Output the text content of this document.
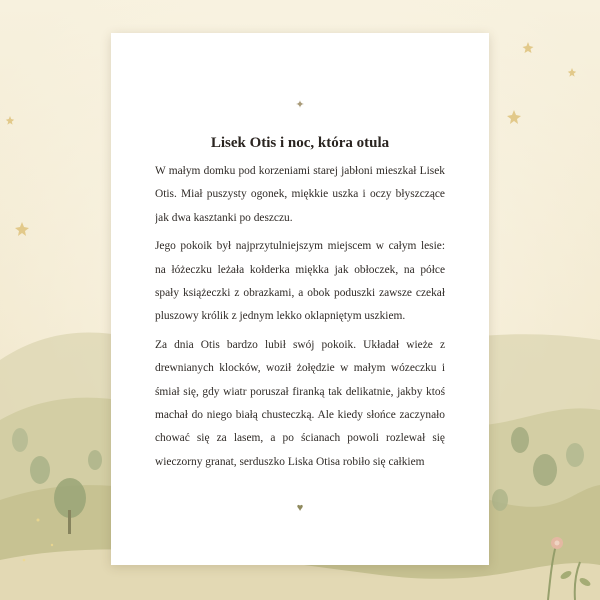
✦
Lisek Otis i noc, która otula

W małym domku pod korzeniami starej jabłoni mieszkał Lisek Otis. Miał puszysty ogonek, miękkie uszka i oczy błyszczące jak dwa kasztanki po deszczu.

Jego pokoik był najprzytulniejszym miejscem w całym lesie: na łóżeczku leżała kołderka miękka jak obłoczek, na półce spały książeczki z obrazkami, a obok poduszki zawsze czekał pluszowy królik z jednym lekko oklapniętym uszkiem.

Za dnia Otis bardzo lubił swój pokoik. Układał wieże z drewnianych klocków, woził żołędzie w małym wózeczku i śmiał się, gdy wiatr poruszał firanką tak delikatnie, jakby ktoś machał do niego białą chusteczką. Ale kiedy słońce zaczynało chować się za lasem, a po ścianach powoli rozlewał się wieczorny granat, serduszko Liska Otisa robiło się całkiem

♥
